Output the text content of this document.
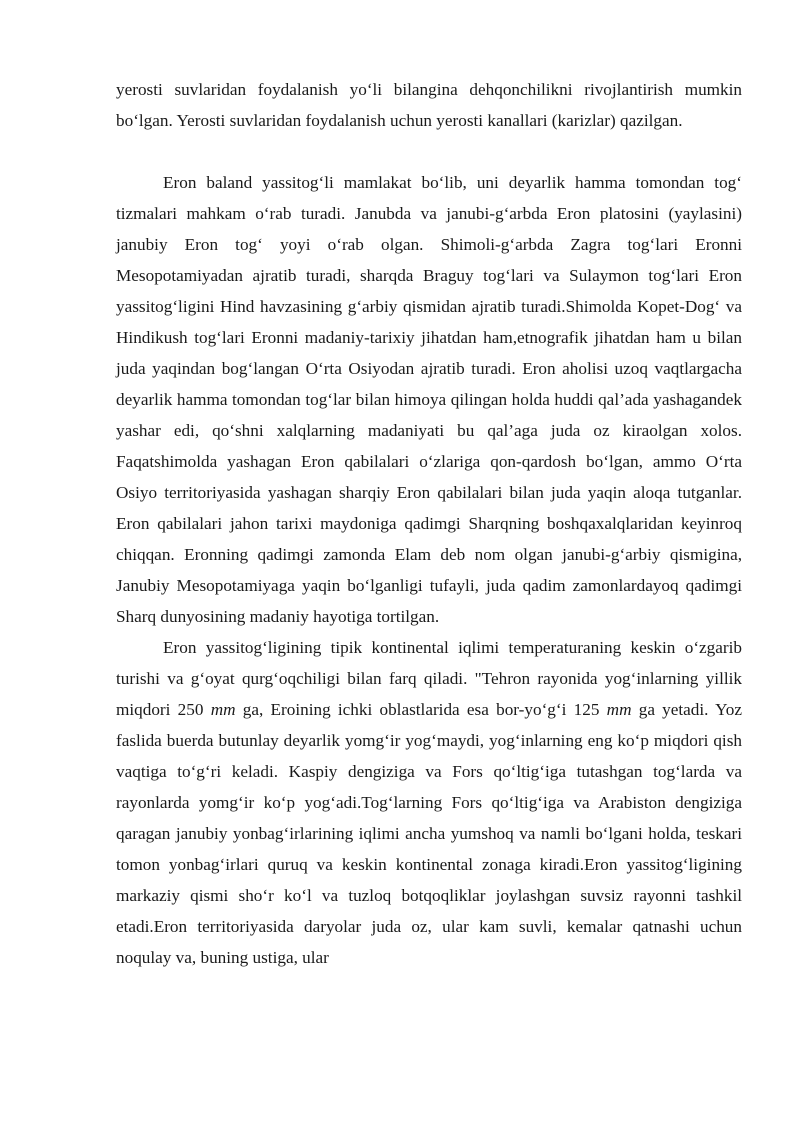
yerosti suvlaridan foydalanish yo‘li bilangina dehqonchilikni rivojlantirish mumkin bo‘lgan. Yerosti suvlaridan foydalanish uchun yerosti kanallari (karizlar) qazilgan.

Eron baland yassitog‘li mamlakat bo‘lib, uni deyarlik hamma tomondan tog‘ tizmalari mahkam o‘rab turadi. Janubda va janubi-g‘arbda Eron platosini (yaylasini) janubiy Eron tog‘ yoyi o‘rab olgan. Shimoli-g‘arbda Zagra tog‘lari Eronni Mesopotamiyadan ajratib turadi, sharqda Braguy tog‘lari va Sulaymon tog‘lari Eron yassitog‘ligini Hind havzasining g‘arbiy qismidan ajratib turadi.Shimolda Kopet-Dog‘ va Hindikush tog‘lari Eronni madaniy-tarixiy jihatdan ham,etnografik jihatdan ham u bilan juda yaqindan bog‘langan O‘rta Osiyodan ajratib turadi. Eron aholisi uzoq vaqtlargacha deyarlik hamma tomondan tog‘lar bilan himoya qilingan holda huddi qal’ada yashagandek yashar edi, qo‘shni xalqlarning madaniyati bu qal’aga juda oz kiraolgan xolos. Faqatshimolda yashagan Eron qabilalari o‘zlariga qon-qardosh bo‘lgan, ammo O‘rta Osiyo territoriyasida yashagan sharqiy Eron qabilalari bilan juda yaqin aloqa tutganlar. Eron qabilalari jahon tarixi maydoniga qadimgi Sharqning boshqaxalqlaridan keyinroq chiqqan. Eronning qadimgi zamonda Elam deb nom olgan janubi-g‘arbiy qismigina, Janubiy Mesopotamiyaga yaqin bo‘lganligi tufayli, juda qadim zamonlardayoq qadimgi Sharq dunyosining madaniy hayotiga tortilgan.

Eron yassitog‘ligining tipik kontinental iqlimi temperaturaning keskin o‘zgarib turishi va g‘oyat qurg‘oqchiligi bilan farq qiladi. "Tehron rayonida yog‘inlarning yillik miqdori 250 mm ga, Eroining ichki oblastlarida esa bor-yo‘g‘i 125 mm ga yetadi. Yoz faslida buerda butunlay deyarlik yomg‘ir yog‘maydi, yog‘inlarning eng ko‘p miqdori qish vaqtiga to‘g‘ri keladi. Kaspiy dengiziga va Fors qo‘ltig‘iga tutashgan tog‘larda va rayonlarda yomg‘ir ko‘p yog‘adi.Tog‘larning Fors qo‘ltig‘iga va Arabiston dengiziga qaragan janubiy yonbag‘irlarining iqlimi ancha yumshoq va namli bo‘lgani holda, teskari tomon yonbag‘irlari quruq va keskin kontinental zonaga kiradi.Eron yassitog‘ligining markaziy qismi sho‘r ko‘l va tuzloq botqoqliklar joylashgan suvsiz rayonni tashkil etadi.Eron territoriyasida daryolar juda oz, ular kam suvli, kemalar qatnashi uchun noqulay va, buning ustiga, ular
